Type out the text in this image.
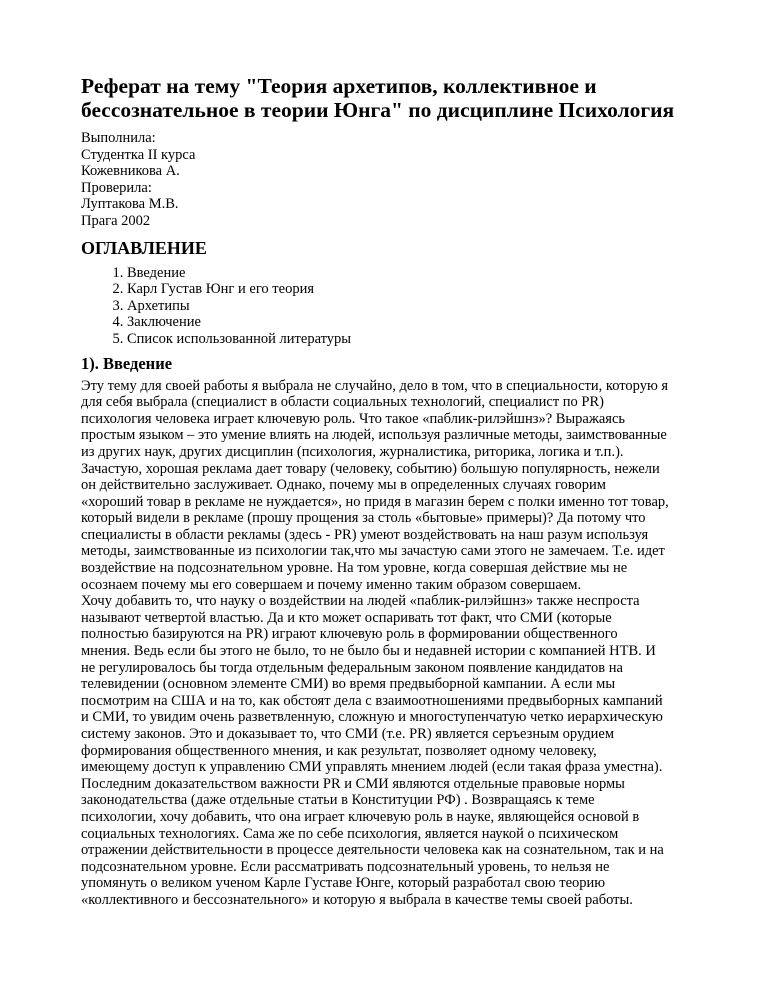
Реферат на тему "Теория архетипов, коллективное и
бессознательное в теории Юнга" по дисциплине Психология
Выполнила:
Студентка II курса
Кожевникова А.
Проверила:
Луптакова М.В.
Прага 2002
ОГЛАВЛЕНИЕ
1. Введение
2. Карл Густав Юнг и его теория
3. Архетипы
4. Заключение
5. Список использованной литературы
1). Введение

Эту тему для своей работы я выбрала не случайно, дело в том, что в специальности, которую я
для себя выбрала (специалист в области социальных технологий, специалист по PR)
психология человека играет ключевую роль. Что такое «паблик-рилэйшнз»? Выражаясь
простым языком – это умение влиять на людей, используя различные методы, заимствованные
из других наук, других дисциплин (психология, журналистика, риторика, логика и т.п.).
Зачастую, хорошая реклама дает товару (человеку, событию) большую популярность, нежели
он действительно заслуживает. Однако, почему мы в определенных случаях говорим
«хороший товар в рекламе не нуждается», но придя в магазин берем с полки именно тот товар,
который видели в рекламе (прошу прощения за столь «бытовые» примеры)? Да потому что
специалисты в области рекламы (здесь - PR) умеют воздействовать на наш разум используя
методы, заимствованные из психологии так,что мы зачастую сами этого не замечаем. Т.е. идет
воздействие на подсознательном уровне. На том уровне, когда совершая действие мы не
осознаем почему мы его совершаем и почему именно таким образом совершаем.

Хочу добавить то, что науку о воздействии на людей «паблик-рилэйшнз» также неспроста
называют четвертой властью. Да и кто может оспаривать тот факт, что СМИ (которые
полностью базируются на PR) играют ключевую роль в формировании общественного
мнения. Ведь если бы этого не было, то не было бы и недавней истории с компанией НТВ. И
не регулировалось бы тогда отдельным федеральным законом появление кандидатов на
телевидении (основном элементе СМИ) во время предвыборной кампании. А если мы
посмотрим на США и на то, как обстоят дела с взаимоотношениями предвыборных кампаний
и СМИ, то увидим очень разветвленную, сложную и многоступенчатую четко иерархическую
систему законов. Это и доказывает то, что СМИ (т.е. PR) является серъезным орудием
формирования общественного мнения, и как результат, позволяет одному человеку,
имеющему доступ к управлению СМИ управлять мнением людей (если такая фраза уместна).
Последним доказательством важности PR и СМИ являются отдельные правовые нормы
законодательства (даже отдельные статьи в Конституции РФ) . Возвращаясь к теме
психологии, хочу добавить, что она играет ключевую роль в науке, являющейся основой в
социальных технологиях. Сама же по себе психология, является наукой о психическом
отражении действительности в процессе деятельности человека как на сознательном, так и на
подсознательном уровне. Если рассматривать подсознательный уровень, то нельзя не
упомянуть о великом ученом Карле Густаве Юнге, который разработал свою теорию
«коллективного и бессознательного» и которую я выбрала в качестве темы своей работы.
